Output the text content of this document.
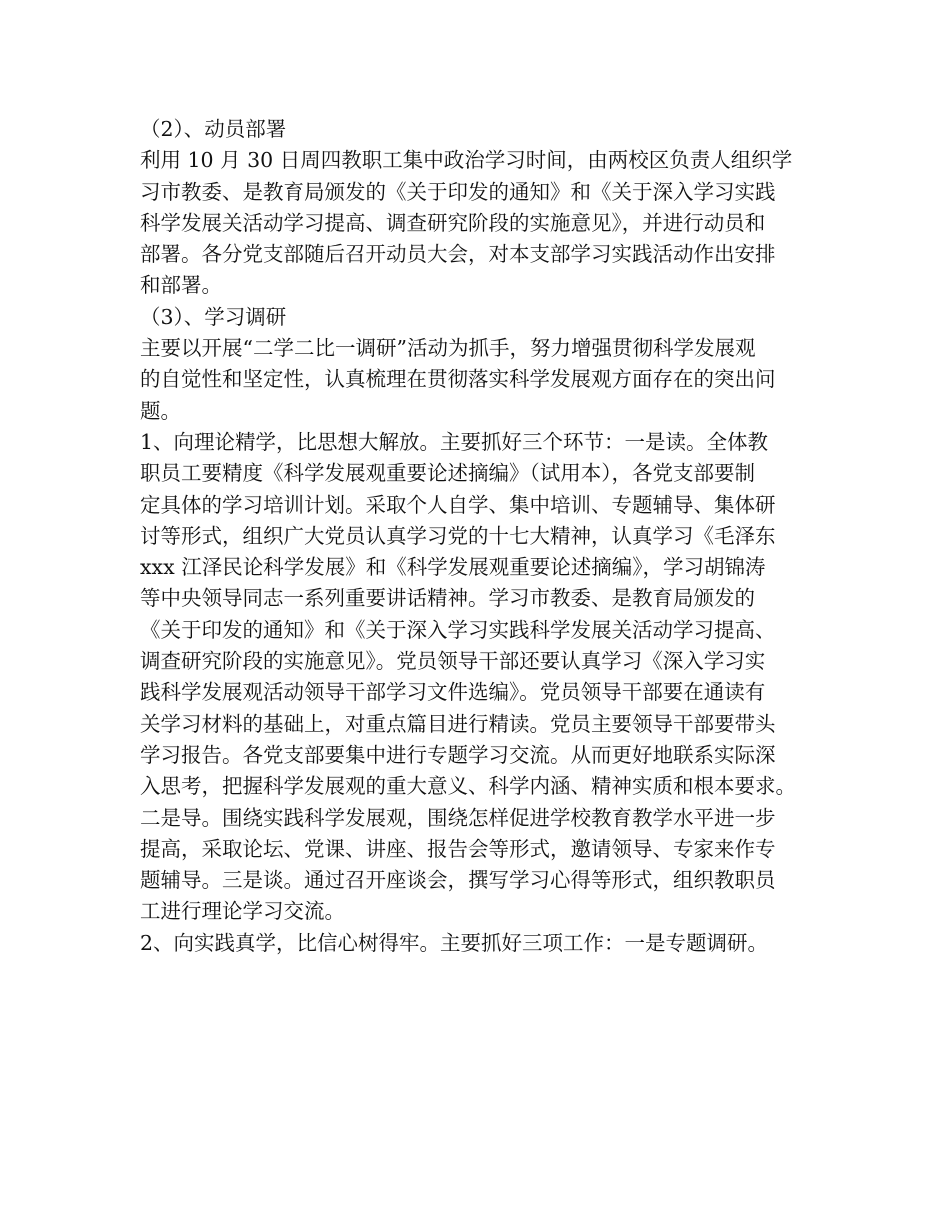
（2）、动员部署
利用 10 月 30 日周四教职工集中政治学习时间，由两校区负责人组织学
习市教委、是教育局颁发的《关于印发的通知》和《关于深入学习实践
科学发展关活动学习提高、调查研究阶段的实施意见》，并进行动员和
部署。各分党支部随后召开动员大会，对本支部学习实践活动作出安排
和部署。
（3）、学习调研
主要以开展“二学二比一调研”活动为抓手，努力增强贯彻科学发展观
的自觉性和坚定性，认真梳理在贯彻落实科学发展观方面存在的突出问
题。
1、向理论精学，比思想大解放。主要抓好三个环节：一是读。全体教
职员工要精度《科学发展观重要论述摘编》（试用本），各党支部要制
定具体的学习培训计划。采取个人自学、集中培训、专题辅导、集体研
讨等形式，组织广大党员认真学习党的十七大精神，认真学习《毛泽东
xxx 江泽民论科学发展》和《科学发展观重要论述摘编》，学习胡锦涛
等中央领导同志一系列重要讲话精神。学习市教委、是教育局颁发的
《关于印发的通知》和《关于深入学习实践科学发展关活动学习提高、
调查研究阶段的实施意见》。党员领导干部还要认真学习《深入学习实
践科学发展观活动领导干部学习文件选编》。党员领导干部要在通读有
关学习材料的基础上，对重点篇目进行精读。党员主要领导干部要带头
学习报告。各党支部要集中进行专题学习交流。从而更好地联系实际深
入思考，把握科学发展观的重大意义、科学内涵、精神实质和根本要求。
二是导。围绕实践科学发展观，围绕怎样促进学校教育教学水平进一步
提高，采取论坛、党课、讲座、报告会等形式，邀请领导、专家来作专
题辅导。三是谈。通过召开座谈会，撰写学习心得等形式，组织教职员
工进行理论学习交流。
2、向实践真学，比信心树得牢。主要抓好三项工作：一是专题调研。
